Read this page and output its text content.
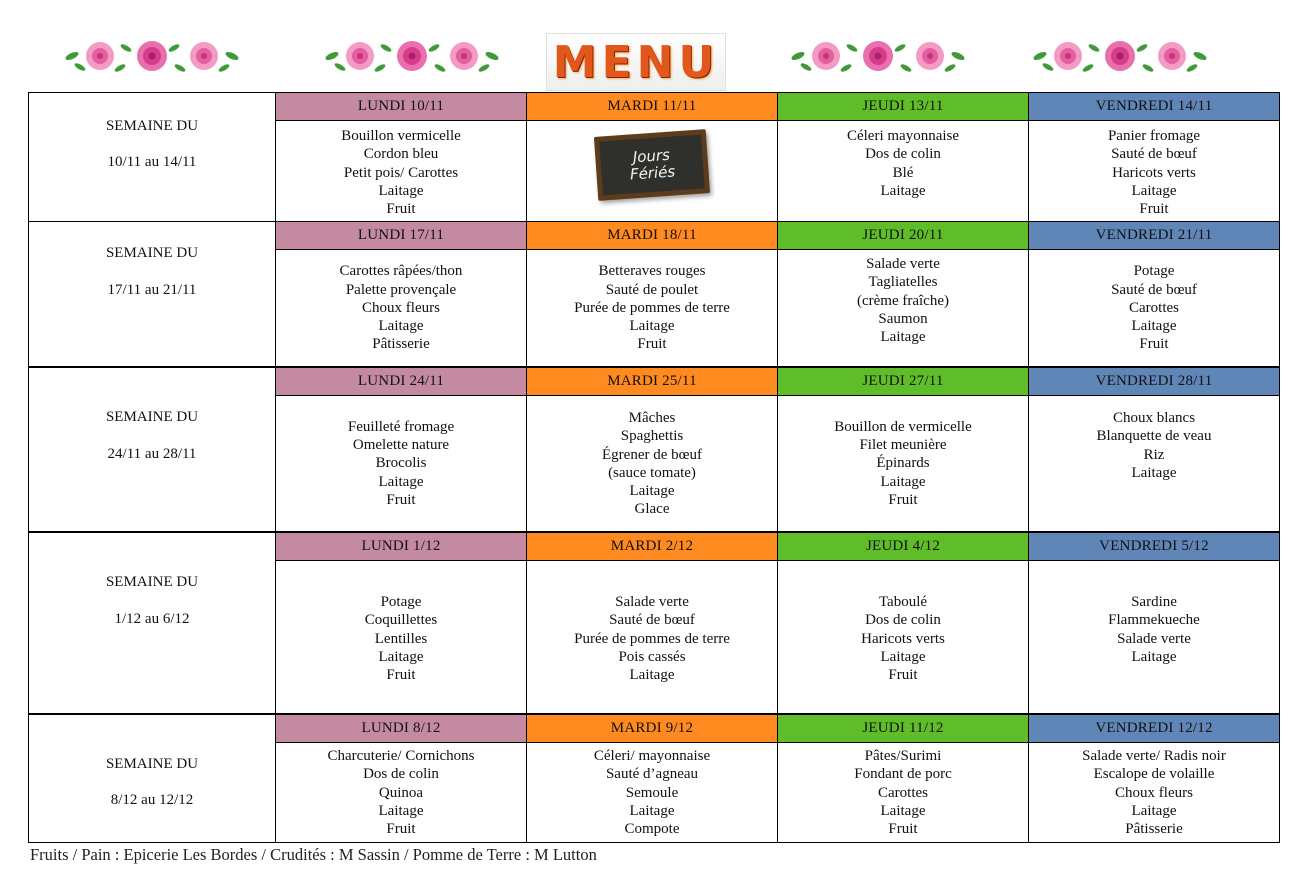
MENU
SEMAINE DU
10/11 au 14/11
LUNDI 10/11
Bouillon vermicelle
Cordon bleu
Petit pois/ Carottes
Laitage
Fruit
MARDI 11/11
Jours
Fériés
JEUDI 13/11
Céleri mayonnaise
Dos de colin
Blé
Laitage
VENDREDI 14/11
Panier fromage
Sauté de bœuf
Haricots verts
Laitage
Fruit
SEMAINE DU
17/11 au 21/11
LUNDI 17/11
Carottes râpées/thon
Palette provençale
Choux fleurs
Laitage
Pâtisserie
MARDI 18/11
Betteraves rouges
Sauté de poulet
Purée de pommes de terre
Laitage
Fruit
JEUDI 20/11
Salade verte
Tagliatelles
(crème fraîche)
Saumon
Laitage
VENDREDI 21/11
Potage
Sauté de bœuf
Carottes
Laitage
Fruit
SEMAINE DU
24/11 au 28/11
LUNDI 24/11
Feuilleté fromage
Omelette nature
Brocolis
Laitage
Fruit
MARDI 25/11
Mâches
Spaghettis
Égrener de bœuf
(sauce tomate)
Laitage
Glace
JEUDI 27/11
Bouillon de vermicelle
Filet meunière
Épinards
Laitage
Fruit
VENDREDI 28/11
Choux blancs
Blanquette de veau
Riz
Laitage
SEMAINE DU
1/12 au 6/12
LUNDI 1/12
Potage
Coquillettes
Lentilles
Laitage
Fruit
MARDI 2/12
Salade verte
Sauté de bœuf
Purée de pommes de terre
Pois cassés
Laitage
JEUDI 4/12
Taboulé
Dos de colin
Haricots verts
Laitage
Fruit
VENDREDI 5/12
Sardine
Flammekueche
Salade verte
Laitage
SEMAINE DU
8/12 au 12/12
LUNDI 8/12
Charcuterie/ Cornichons
Dos de colin
Quinoa
Laitage
Fruit
MARDI 9/12
Céleri/ mayonnaise
Sauté d’agneau
Semoule
Laitage
Compote
JEUDI 11/12
Pâtes/Surimi
Fondant de porc
Carottes
Laitage
Fruit
VENDREDI 12/12
Salade verte/ Radis noir
Escalope de volaille
Choux fleurs
Laitage
Pâtisserie
Fruits / Pain : Epicerie Les Bordes / Crudités : M Sassin / Pomme de Terre : M Lutton
